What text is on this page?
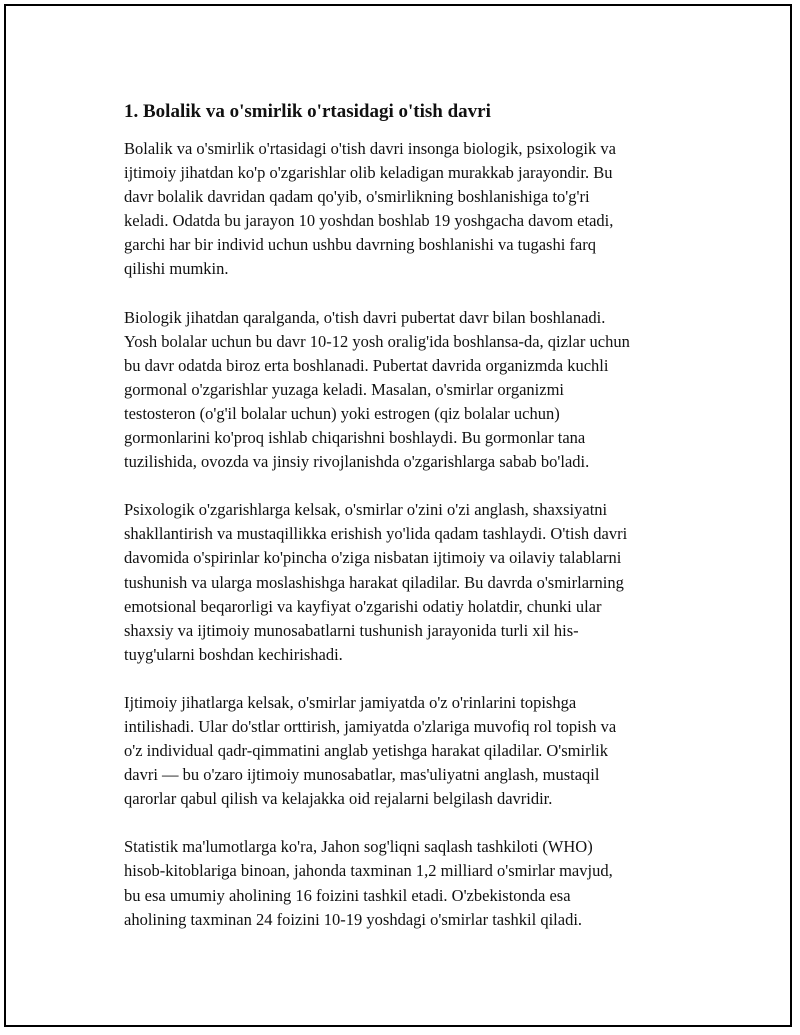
1. Bolalik va o'smirlik o'rtasidagi o'tish davri

Bolalik va o'smirlik o'rtasidagi o'tish davri insonga biologik, psixologik va
ijtimoiy jihatdan ko'p o'zgarishlar olib keladigan murakkab jarayondir. Bu
davr bolalik davridan qadam qo'yib, o'smirlikning boshlanishiga to'g'ri
keladi. Odatda bu jarayon 10 yoshdan boshlab 19 yoshgacha davom etadi,
garchi har bir individ uchun ushbu davrning boshlanishi va tugashi farq
qilishi mumkin.

Biologik jihatdan qaralganda, o'tish davri pubertat davr bilan boshlanadi.
Yosh bolalar uchun bu davr 10-12 yosh oralig'ida boshlansa-da, qizlar uchun
bu davr odatda biroz erta boshlanadi. Pubertat davrida organizmda kuchli
gormonal o'zgarishlar yuzaga keladi. Masalan, o'smirlar organizmi
testosteron (o'g'il bolalar uchun) yoki estrogen (qiz bolalar uchun)
gormonlarini ko'proq ishlab chiqarishni boshlaydi. Bu gormonlar tana
tuzilishida, ovozda va jinsiy rivojlanishda o'zgarishlarga sabab bo'ladi.

Psixologik o'zgarishlarga kelsak, o'smirlar o'zini o'zi anglash, shaxsiyatni
shakllantirish va mustaqillikka erishish yo'lida qadam tashlaydi. O'tish davri
davomida o'spirinlar ko'pincha o'ziga nisbatan ijtimoiy va oilaviy talablarni
tushunish va ularga moslashishga harakat qiladilar. Bu davrda o'smirlarning
emotsional beqarorligi va kayfiyat o'zgarishi odatiy holatdir, chunki ular
shaxsiy va ijtimoiy munosabatlarni tushunish jarayonida turli xil his-
tuyg'ularni boshdan kechirishadi.

Ijtimoiy jihatlarga kelsak, o'smirlar jamiyatda o'z o'rinlarini topishga
intilishadi. Ular do'stlar orttirish, jamiyatda o'zlariga muvofiq rol topish va
o'z individual qadr-qimmatini anglab yetishga harakat qiladilar. O'smirlik
davri — bu o'zaro ijtimoiy munosabatlar, mas'uliyatni anglash, mustaqil
qarorlar qabul qilish va kelajakka oid rejalarni belgilash davridir.

Statistik ma'lumotlarga ko'ra, Jahon sog'liqni saqlash tashkiloti (WHO)
hisob-kitoblariga binoan, jahonda taxminan 1,2 milliard o'smirlar mavjud,
bu esa umumiy aholining 16 foizini tashkil etadi. O'zbekistonda esa
aholining taxminan 24 foizini 10-19 yoshdagi o'smirlar tashkil qiladi.
